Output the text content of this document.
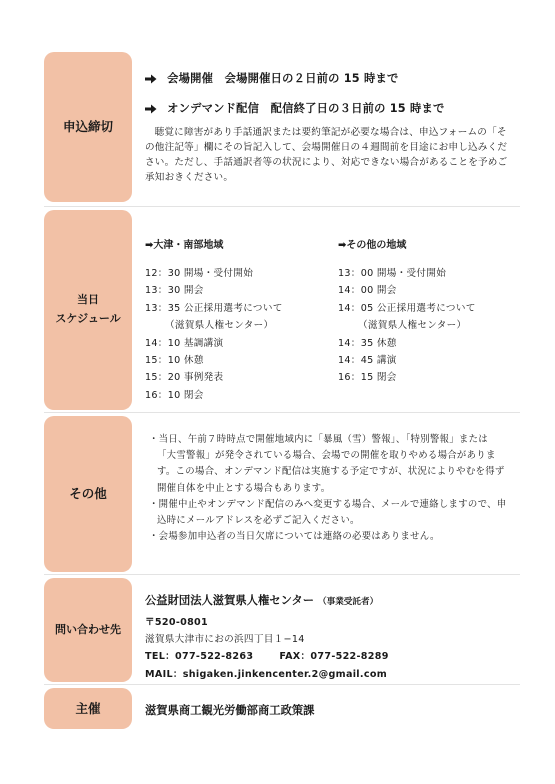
申込締切
会場開催　会場開催日の２日前の 15 時まで
オンデマンド配信　配信終了日の３日前の 15 時まで

聴覚に障害があり手話通訳または要約筆記が必要な場合は、申込フォームの「その他注記等」欄にその旨記入して、会場開催日の４週間前を目途にお申し込みください。ただし、手話通訳者等の状況により、対応できない場合があることを予めご承知おきください。

当日
スケジュール
➡大津・南部地域
12：30 開場・受付開始
13：30 開会
13：35 公正採用選考について
（滋賀県人権センター）
14：10 基調講演
15：10 休憩
15：20 事例発表
16：10 閉会
➡その他の地域
13：00 開場・受付開始
14：00 開会
14：05 公正採用選考について
（滋賀県人権センター）
14：35 休憩
14：45 講演
16：15 閉会
その他

・当日、午前７時時点で開催地域内に「暴風（雪）警報」、「特別警報」または「大雪警報」が発令されている場合、会場での開催を取りやめる場合があります。この場合、オンデマンド配信は実施する予定ですが、状況によりやむを得ず開催自体を中止とする場合もあります。

・開催中止やオンデマンド配信のみへ変更する場合、メールで連絡しますので、申込時にメールアドレスを必ずご記入ください。

・会場参加申込者の当日欠席については連絡の必要はありません。

問い合わせ先
公益財団法人滋賀県人権センター （事業受託者）
〒520-0801
滋賀県大津市におの浜四丁目１−14
TEL：077-522-8263	FAX：077-522-8289
MAIL：shigaken.jinkencenter.2@gmail.com
主催	滋賀県商工観光労働部商工政策課
